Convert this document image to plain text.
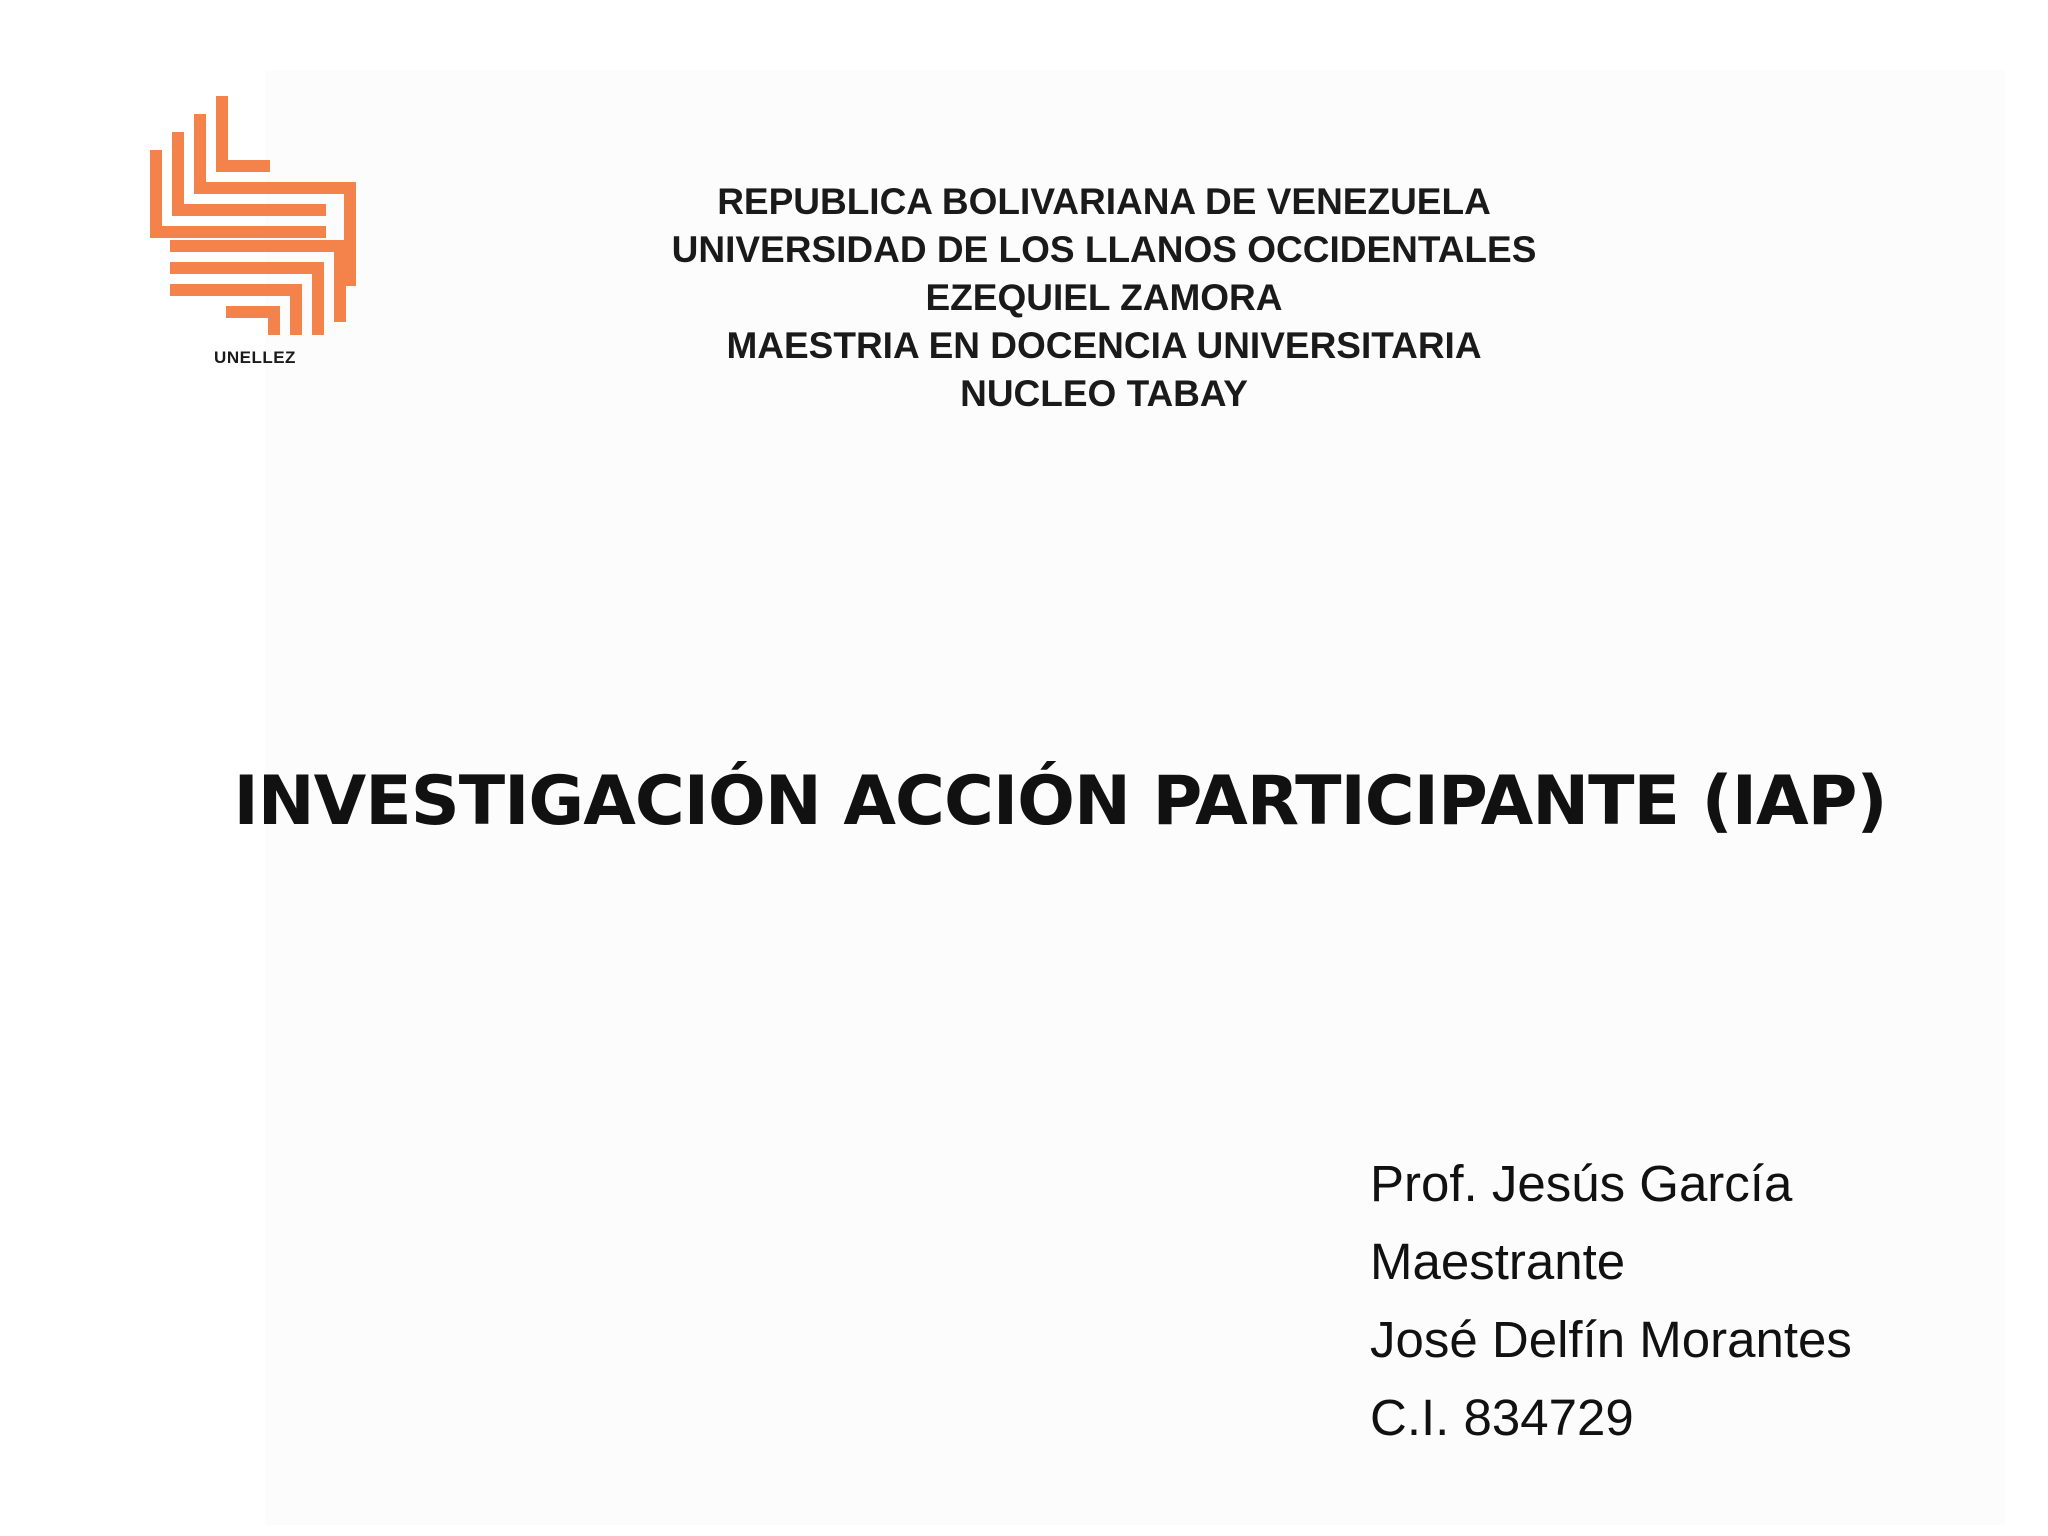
UNELLEZ
REPUBLICA BOLIVARIANA DE VENEZUELA
UNIVERSIDAD DE LOS LLANOS OCCIDENTALES
EZEQUIEL ZAMORA
MAESTRIA EN DOCENCIA UNIVERSITARIA
NUCLEO TABAY
INVESTIGACIÓN ACCIÓN PARTICIPANTE (IAP)
Prof. Jesús García
Maestrante
José Delfín Morantes
C.I. 834729
